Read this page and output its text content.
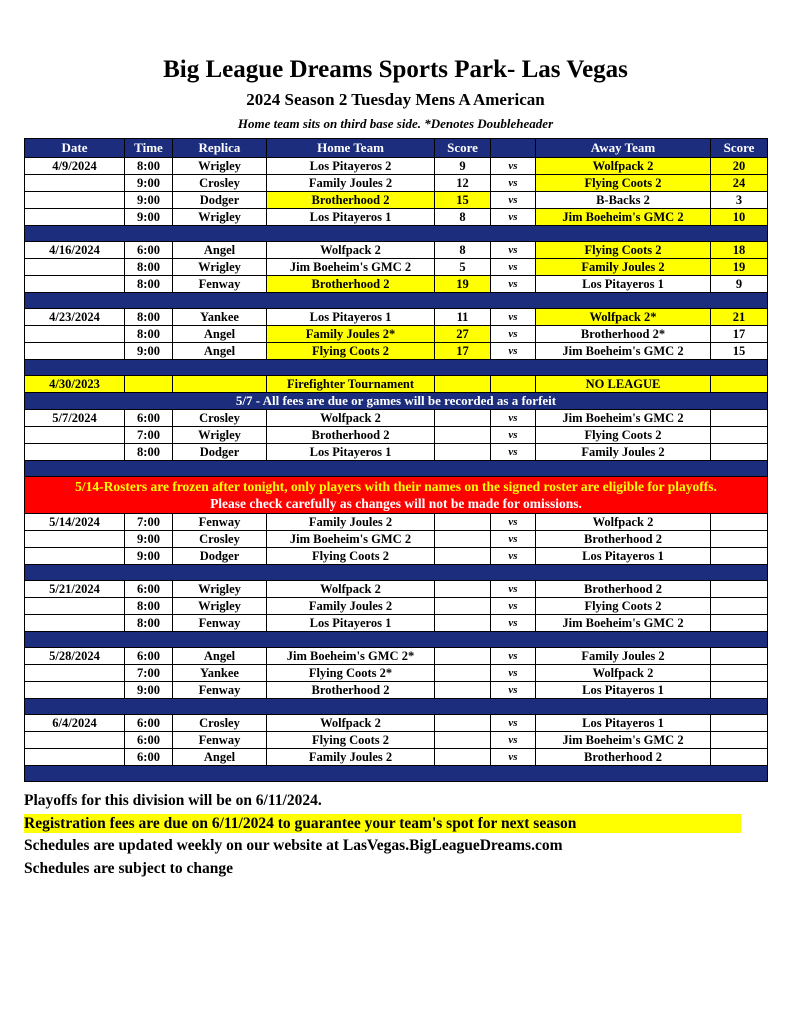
Big League Dreams Sports Park- Las Vegas
2024 Season 2 Tuesday Mens A American
Home team sits on third base side. *Denotes Doubleheader
Date	Time	Replica	Home Team	Score		Away Team	Score
4/9/2024	8:00	Wrigley	Los Pitayeros 2	9	vs	Wolfpack 2	20
	9:00	Crosley	Family Joules 2	12	vs	Flying Coots 2	24
	9:00	Dodger	Brotherhood 2	15	vs	B-Backs 2	3
	9:00	Wrigley	Los Pitayeros 1	8	vs	Jim Boeheim's GMC 2	10

4/16/2024	6:00	Angel	Wolfpack 2	8	vs	Flying Coots 2	18
	8:00	Wrigley	Jim Boeheim's GMC 2	5	vs	Family Joules 2	19
	8:00	Fenway	Brotherhood 2	19	vs	Los Pitayeros 1	9

4/23/2024	8:00	Yankee	Los Pitayeros 1	11	vs	Wolfpack 2*	21
	8:00	Angel	Family Joules 2*	27	vs	Brotherhood 2*	17
	9:00	Angel	Flying Coots 2	17	vs	Jim Boeheim's GMC 2	15

4/30/2023			Firefighter Tournament			NO LEAGUE	
5/7 - All fees are due or games will be recorded as a forfeit							
5/7/2024	6:00	Crosley	Wolfpack 2		vs	Jim Boeheim's GMC 2	
	7:00	Wrigley	Brotherhood 2		vs	Flying Coots 2	
	8:00	Dodger	Los Pitayeros 1		vs	Family Joules 2	

5/14-Rosters are frozen after tonight, only players with their names on the signed roster are eligible for playoffs.
Please check carefully as changes will not be made for omissions.							

5/14/2024	7:00	Fenway	Family Joules 2		vs	Wolfpack 2	
	9:00	Crosley	Jim Boeheim's GMC 2		vs	Brotherhood 2	
	9:00	Dodger	Flying Coots 2		vs	Los Pitayeros 1	

5/21/2024	6:00	Wrigley	Wolfpack 2		vs	Brotherhood 2	
	8:00	Wrigley	Family Joules 2		vs	Flying Coots 2	
	8:00	Fenway	Los Pitayeros 1		vs	Jim Boeheim's GMC 2	

5/28/2024	6:00	Angel	Jim Boeheim's GMC 2*		vs	Family Joules 2	
	7:00	Yankee	Flying Coots 2*		vs	Wolfpack 2	
	9:00	Fenway	Brotherhood 2		vs	Los Pitayeros 1	

6/4/2024	6:00	Crosley	Wolfpack 2		vs	Los Pitayeros 1	
	6:00	Fenway	Flying Coots 2		vs	Jim Boeheim's GMC 2	
	6:00	Angel	Family Joules 2		vs	Brotherhood 2	

Playoffs for this division will be on 6/11/2024.
Registration fees are due on 6/11/2024 to guarantee your team's spot for next season
Schedules are updated weekly on our website at LasVegas.BigLeagueDreams.com
Schedules are subject to change
